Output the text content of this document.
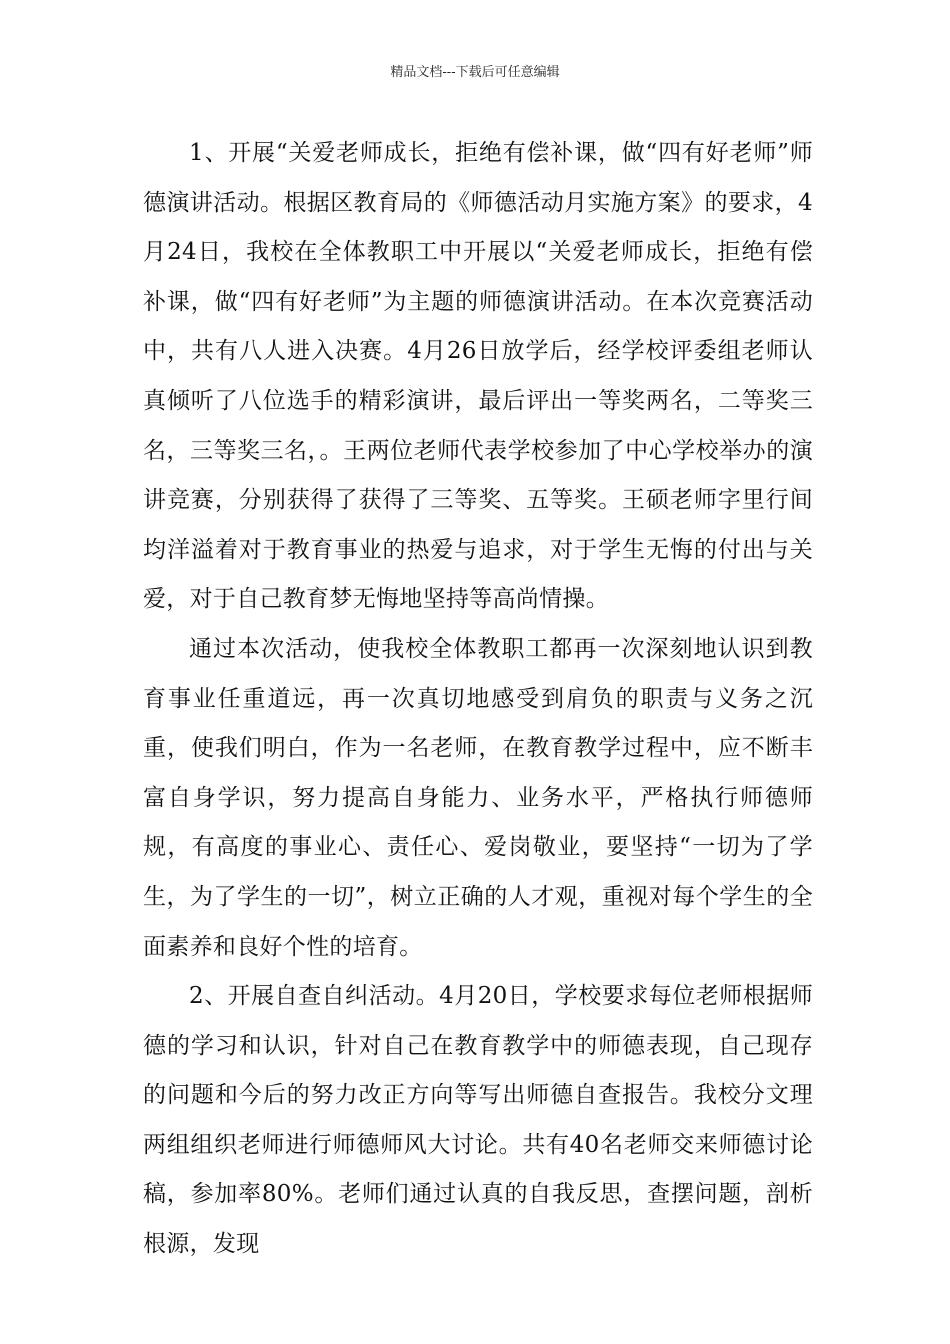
精品文档---下载后可任意编辑

1、开展“关爱老师成长，拒绝有偿补课，做“四有好老师”师德演讲活动。根据区教育局的《师德活动月实施方案》的要求，4月24日，我校在全体教职工中开展以“关爱老师成长，拒绝有偿补课，做“四有好老师”为主题的师德演讲活动。在本次竞赛活动中，共有八人进入决赛。4月26日放学后，经学校评委组老师认真倾听了八位选手的精彩演讲，最后评出一等奖两名，二等奖三名，三等奖三名，。王两位老师代表学校参加了中心学校举办的演讲竞赛，分别获得了获得了三等奖、五等奖。王硕老师字里行间均洋溢着对于教育事业的热爱与追求，对于学生无悔的付出与关爱，对于自己教育梦无悔地坚持等高尚情操。

通过本次活动，使我校全体教职工都再一次深刻地认识到教育事业任重道远，再一次真切地感受到肩负的职责与义务之沉重，使我们明白，作为一名老师，在教育教学过程中，应不断丰富自身学识，努力提高自身能力、业务水平，严格执行师德师规，有高度的事业心、责任心、爱岗敬业，要坚持“一切为了学生，为了学生的一切”，树立正确的人才观，重视对每个学生的全面素养和良好个性的培育。

2、开展自查自纠活动。4月20日，学校要求每位老师根据师德的学习和认识，针对自己在教育教学中的师德表现，自己现存的问题和今后的努力改正方向等写出师德自查报告。我校分文理两组组织老师进行师德师风大讨论。共有40名老师交来师德讨论稿，参加率80%。老师们通过认真的自我反思，查摆问题，剖析根源，发现
